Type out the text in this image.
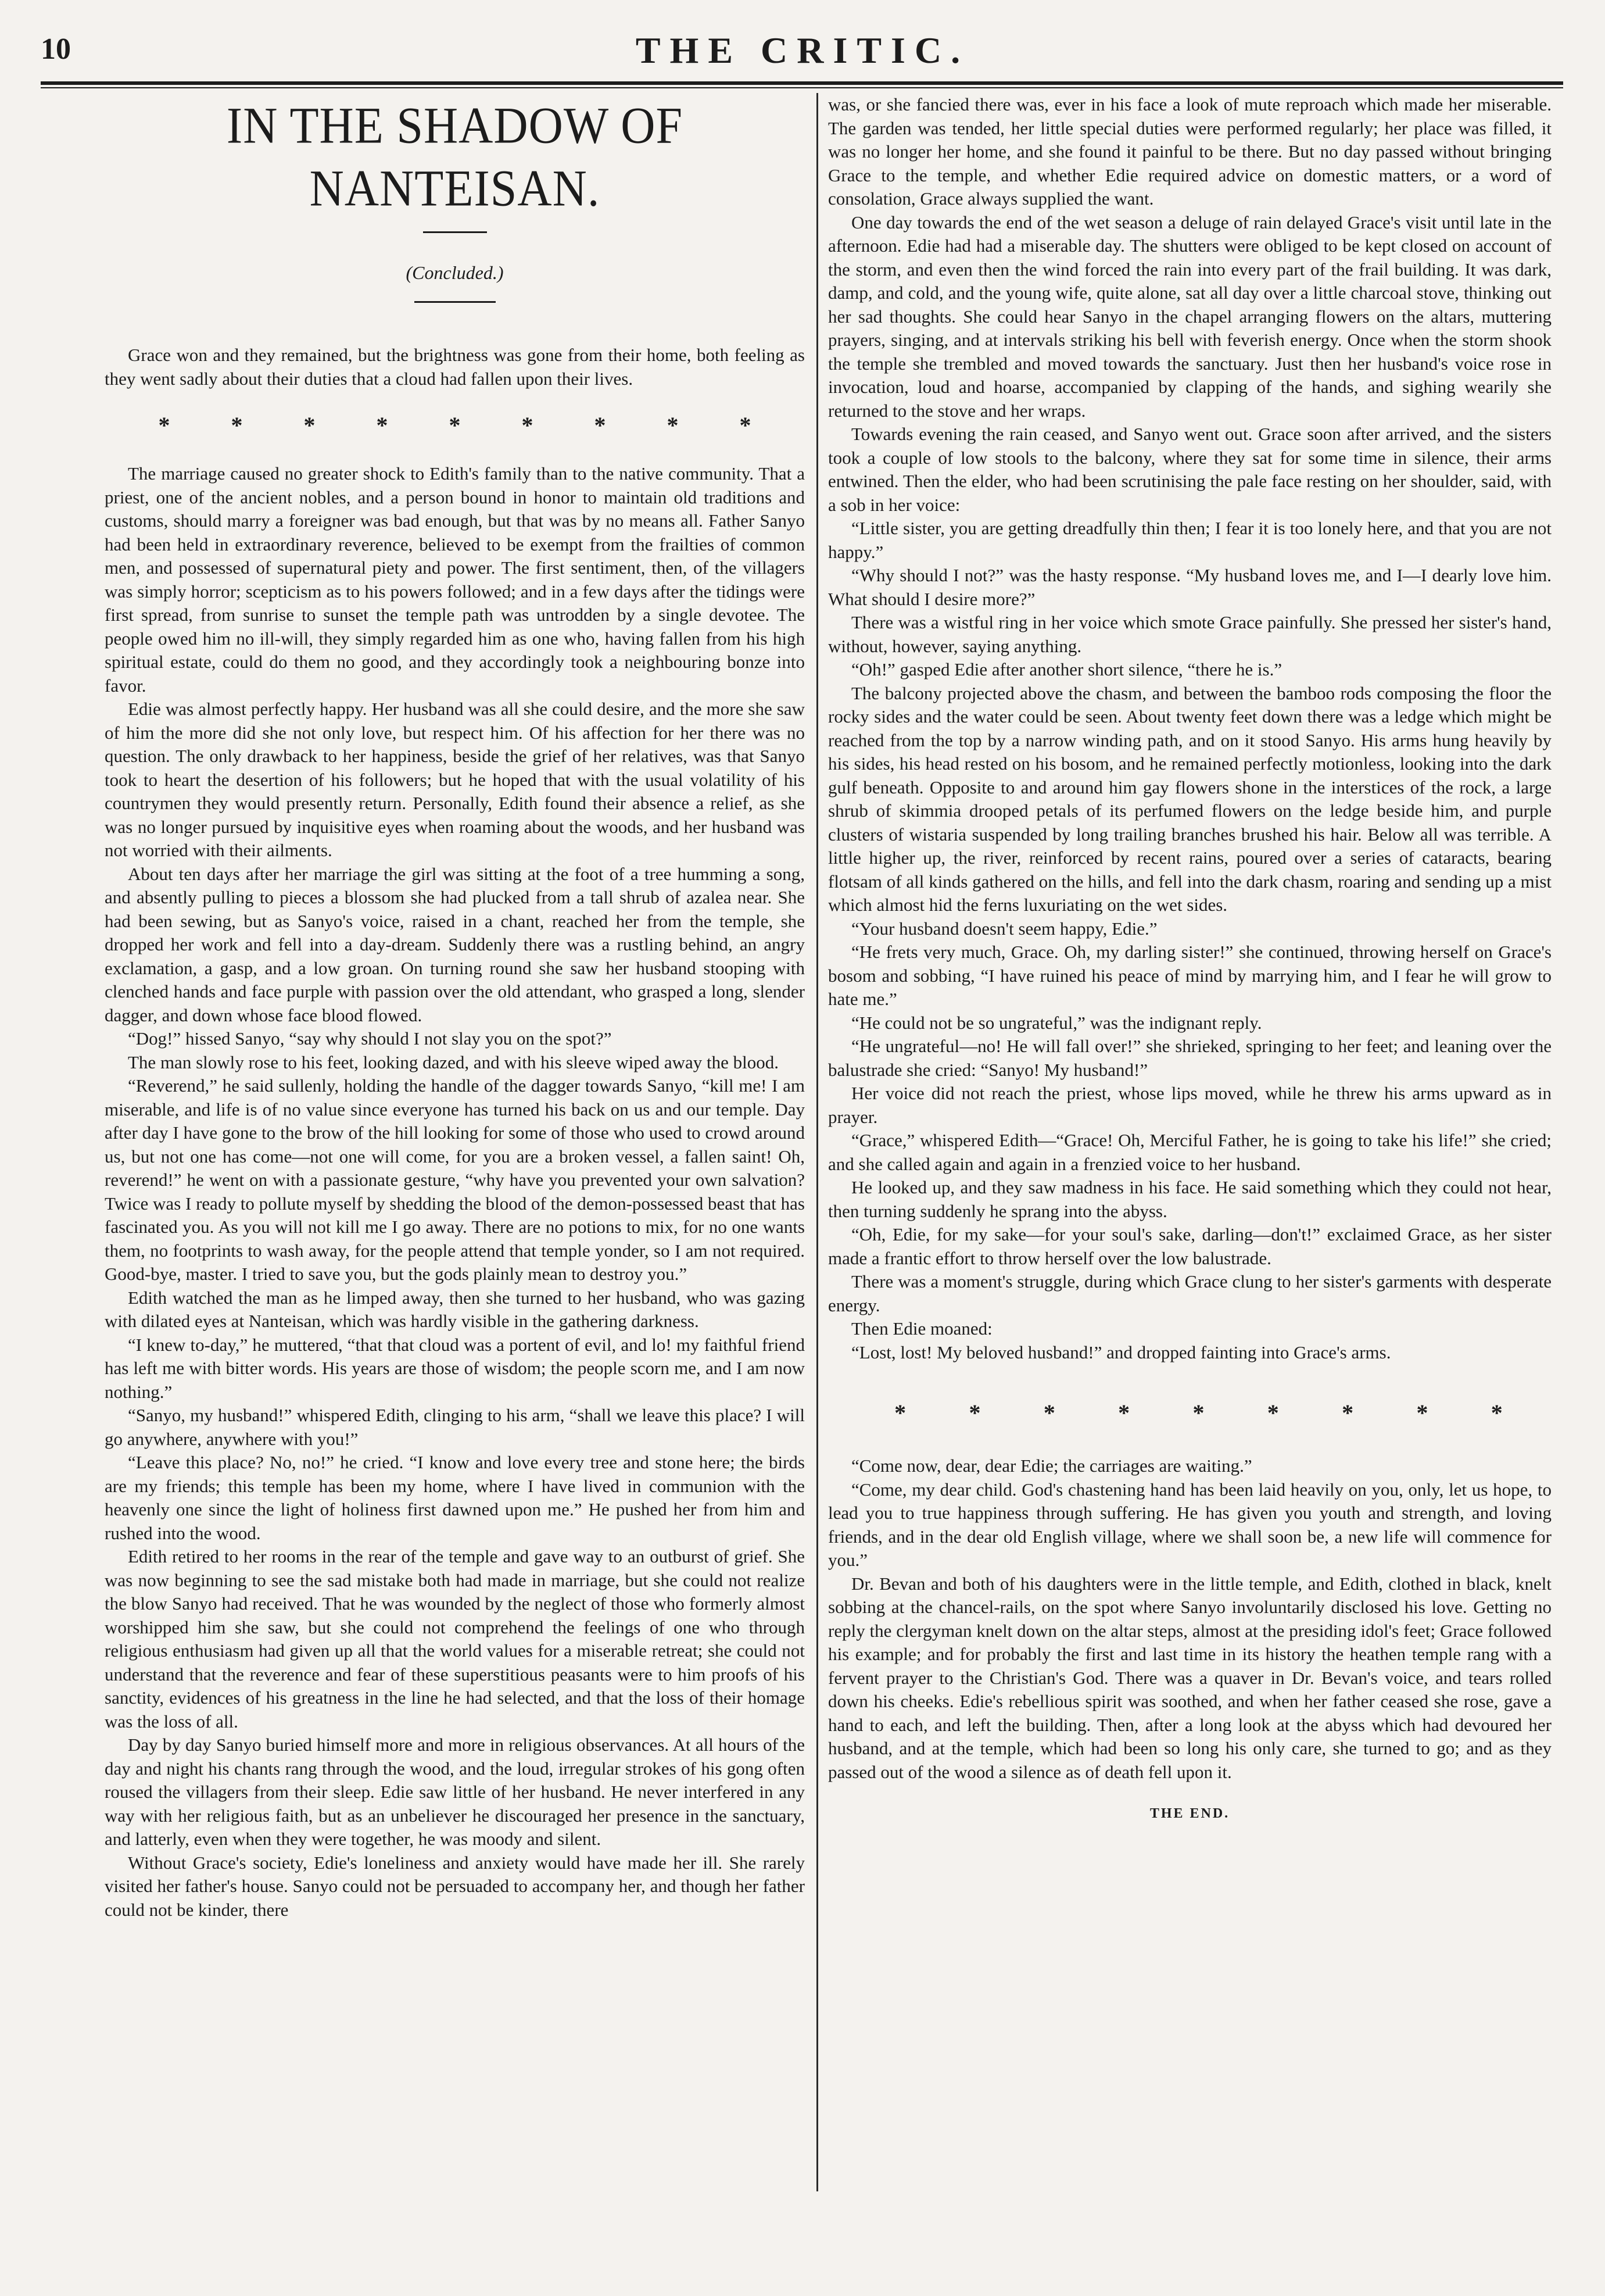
10	THE CRITIC.
IN THE SHADOW OF NANTEISAN.
(Concluded.)

Grace won and they remained, but the brightness was gone from their home, both feeling as they went sadly about their duties that a cloud had fallen upon their lives.

*	*	*	*	*	*	*	*	*

The marriage caused no greater shock to Edith's family than to the native community. That a priest, one of the ancient nobles, and a person bound in honor to maintain old traditions and customs, should marry a foreigner was bad enough, but that was by no means all. Father Sanyo had been held in extraordinary reverence, believed to be exempt from the frailties of common men, and possessed of supernatural piety and power. The first sentiment, then, of the villagers was simply horror; scepticism as to his powers followed; and in a few days after the tidings were first spread, from sunrise to sunset the temple path was untrodden by a single devotee. The people owed him no ill-will, they simply regarded him as one who, having fallen from his high spiritual estate, could do them no good, and they accordingly took a neighbouring bonze into favor.

Edie was almost perfectly happy. Her husband was all she could desire, and the more she saw of him the more did she not only love, but respect him. Of his affection for her there was no question. The only drawback to her happiness, beside the grief of her relatives, was that Sanyo took to heart the desertion of his followers; but he hoped that with the usual volatility of his countrymen they would presently return. Personally, Edith found their absence a relief, as she was no longer pursued by inquisitive eyes when roaming about the woods, and her husband was not worried with their ailments.

About ten days after her marriage the girl was sitting at the foot of a tree humming a song, and absently pulling to pieces a blossom she had plucked from a tall shrub of azalea near. She had been sewing, but as Sanyo's voice, raised in a chant, reached her from the temple, she dropped her work and fell into a day-dream. Suddenly there was a rustling behind, an angry exclamation, a gasp, and a low groan. On turning round she saw her husband stooping with clenched hands and face purple with passion over the old attendant, who grasped a long, slender dagger, and down whose face blood flowed.

“Dog!” hissed Sanyo, “say why should I not slay you on the spot?”

The man slowly rose to his feet, looking dazed, and with his sleeve wiped away the blood.

“Reverend,” he said sullenly, holding the handle of the dagger towards Sanyo, “kill me! I am miserable, and life is of no value since everyone has turned his back on us and our temple. Day after day I have gone to the brow of the hill looking for some of those who used to crowd around us, but not one has come—not one will come, for you are a broken vessel, a fallen saint! Oh, reverend!” he went on with a passionate gesture, “why have you prevented your own salvation? Twice was I ready to pollute myself by shedding the blood of the demon-possessed beast that has fascinated you. As you will not kill me I go away. There are no potions to mix, for no one wants them, no footprints to wash away, for the people attend that temple yonder, so I am not required. Good-bye, master. I tried to save you, but the gods plainly mean to destroy you.”

Edith watched the man as he limped away, then she turned to her husband, who was gazing with dilated eyes at Nanteisan, which was hardly visible in the gathering darkness.

“I knew to-day,” he muttered, “that that cloud was a portent of evil, and lo! my faithful friend has left me with bitter words. His years are those of wisdom; the people scorn me, and I am now nothing.”

“Sanyo, my husband!” whispered Edith, clinging to his arm, “shall we leave this place? I will go anywhere, anywhere with you!”

“Leave this place? No, no!” he cried. “I know and love every tree and stone here; the birds are my friends; this temple has been my home, where I have lived in communion with the heavenly one since the light of holiness first dawned upon me.” He pushed her from him and rushed into the wood.

Edith retired to her rooms in the rear of the temple and gave way to an outburst of grief. She was now beginning to see the sad mistake both had made in marriage, but she could not realize the blow Sanyo had received. That he was wounded by the neglect of those who formerly almost worshipped him she saw, but she could not comprehend the feelings of one who through religious enthusiasm had given up all that the world values for a miserable retreat; she could not understand that the reverence and fear of these superstitious peasants were to him proofs of his sanctity, evidences of his greatness in the line he had selected, and that the loss of their homage was the loss of all.

Day by day Sanyo buried himself more and more in religious observances. At all hours of the day and night his chants rang through the wood, and the loud, irregular strokes of his gong often roused the villagers from their sleep. Edie saw little of her husband. He never interfered in any way with her religious faith, but as an unbeliever he discouraged her presence in the sanctuary, and latterly, even when they were together, he was moody and silent.

Without Grace's society, Edie's loneliness and anxiety would have made her ill. She rarely visited her father's house. Sanyo could not be persuaded to accompany her, and though her father could not be kinder, there

was, or she fancied there was, ever in his face a look of mute reproach which made her miserable. The garden was tended, her little special duties were performed regularly; her place was filled, it was no longer her home, and she found it painful to be there. But no day passed without bringing Grace to the temple, and whether Edie required advice on domestic matters, or a word of consolation, Grace always supplied the want.

One day towards the end of the wet season a deluge of rain delayed Grace's visit until late in the afternoon. Edie had had a miserable day. The shutters were obliged to be kept closed on account of the storm, and even then the wind forced the rain into every part of the frail building. It was dark, damp, and cold, and the young wife, quite alone, sat all day over a little charcoal stove, thinking out her sad thoughts. She could hear Sanyo in the chapel arranging flowers on the altars, muttering prayers, singing, and at intervals striking his bell with feverish energy. Once when the storm shook the temple she trembled and moved towards the sanctuary. Just then her husband's voice rose in invocation, loud and hoarse, accompanied by clapping of the hands, and sighing wearily she returned to the stove and her wraps.

Towards evening the rain ceased, and Sanyo went out. Grace soon after arrived, and the sisters took a couple of low stools to the balcony, where they sat for some time in silence, their arms entwined. Then the elder, who had been scrutinising the pale face resting on her shoulder, said, with a sob in her voice:

“Little sister, you are getting dreadfully thin then; I fear it is too lonely here, and that you are not happy.”

“Why should I not?” was the hasty response. “My husband loves me, and I—I dearly love him. What should I desire more?”

There was a wistful ring in her voice which smote Grace painfully. She pressed her sister's hand, without, however, saying anything.

“Oh!” gasped Edie after another short silence, “there he is.”

The balcony projected above the chasm, and between the bamboo rods composing the floor the rocky sides and the water could be seen. About twenty feet down there was a ledge which might be reached from the top by a narrow winding path, and on it stood Sanyo. His arms hung heavily by his sides, his head rested on his bosom, and he remained perfectly motionless, looking into the dark gulf beneath. Opposite to and around him gay flowers shone in the interstices of the rock, a large shrub of skimmia drooped petals of its perfumed flowers on the ledge beside him, and purple clusters of wistaria suspended by long trailing branches brushed his hair. Below all was terrible. A little higher up, the river, reinforced by recent rains, poured over a series of cataracts, bearing flotsam of all kinds gathered on the hills, and fell into the dark chasm, roaring and sending up a mist which almost hid the ferns luxuriating on the wet sides.

“Your husband doesn't seem happy, Edie.”

“He frets very much, Grace. Oh, my darling sister!” she continued, throwing herself on Grace's bosom and sobbing, “I have ruined his peace of mind by marrying him, and I fear he will grow to hate me.”

“He could not be so ungrateful,” was the indignant reply.

“He ungrateful—no! He will fall over!” she shrieked, springing to her feet; and leaning over the balustrade she cried: “Sanyo! My husband!”

Her voice did not reach the priest, whose lips moved, while he threw his arms upward as in prayer.

“Grace,” whispered Edith—“Grace! Oh, Merciful Father, he is going to take his life!” she cried; and she called again and again in a frenzied voice to her husband.

He looked up, and they saw madness in his face. He said something which they could not hear, then turning suddenly he sprang into the abyss.

“Oh, Edie, for my sake—for your soul's sake, darling—don't!” exclaimed Grace, as her sister made a frantic effort to throw herself over the low balustrade.

There was a moment's struggle, during which Grace clung to her sister's garments with desperate energy.

Then Edie moaned:

“Lost, lost! My beloved husband!” and dropped fainting into Grace's arms.

*	*	*	*	*	*	*	*	*

“Come now, dear, dear Edie; the carriages are waiting.”

“Come, my dear child. God's chastening hand has been laid heavily on you, only, let us hope, to lead you to true happiness through suffering. He has given you youth and strength, and loving friends, and in the dear old English village, where we shall soon be, a new life will commence for you.”

Dr. Bevan and both of his daughters were in the little temple, and Edith, clothed in black, knelt sobbing at the chancel-rails, on the spot where Sanyo involuntarily disclosed his love. Getting no reply the clergyman knelt down on the altar steps, almost at the presiding idol's feet; Grace followed his example; and for probably the first and last time in its history the heathen temple rang with a fervent prayer to the Christian's God. There was a quaver in Dr. Bevan's voice, and tears rolled down his cheeks. Edie's rebellious spirit was soothed, and when her father ceased she rose, gave a hand to each, and left the building. Then, after a long look at the abyss which had devoured her husband, and at the temple, which had been so long his only care, she turned to go; and as they passed out of the wood a silence as of death fell upon it.

THE END.
